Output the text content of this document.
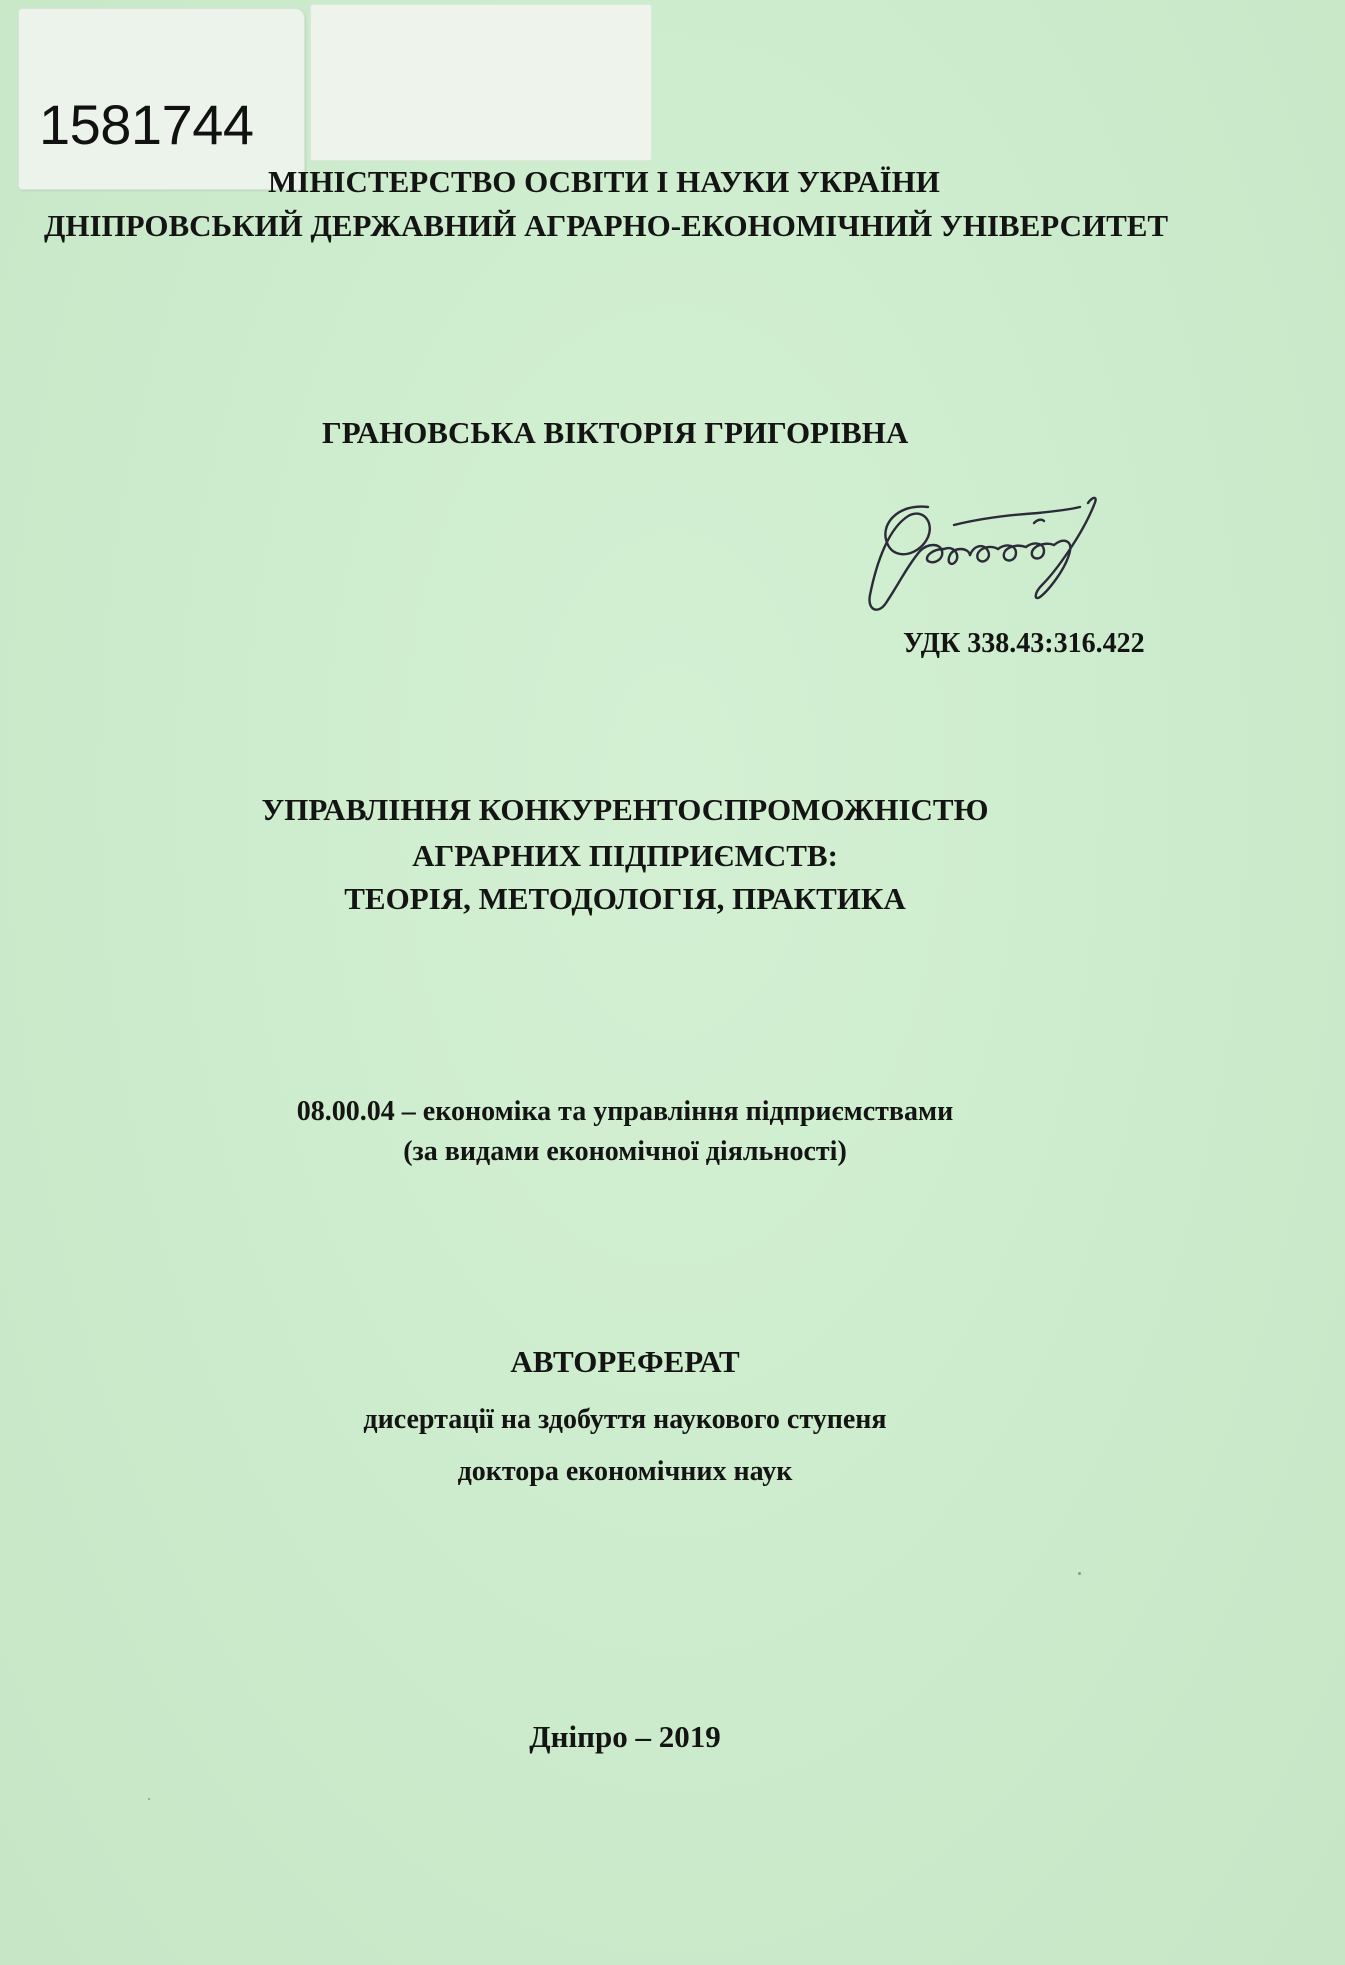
1581744
МІНІСТЕРСТВО ОСВІТИ І НАУКИ УКРАЇНИ
ДНІПРОВСЬКИЙ ДЕРЖАВНИЙ АГРАРНО-ЕКОНОМІЧНИЙ УНІВЕРСИТЕТ
ГРАНОВСЬКА ВІКТОРІЯ ГРИГОРІВНА
УДК 338.43:316.422
УПРАВЛІННЯ КОНКУРЕНТОСПРОМОЖНІСТЮ
АГРАРНИХ ПІДПРИЄМСТВ:
ТЕОРІЯ, МЕТОДОЛОГІЯ, ПРАКТИКА
08.00.04 – економіка та управління підприємствами
(за видами економічної діяльності)
АВТОРЕФЕРАТ
дисертації на здобуття наукового ступеня
доктора економічних наук
Дніпро – 2019
